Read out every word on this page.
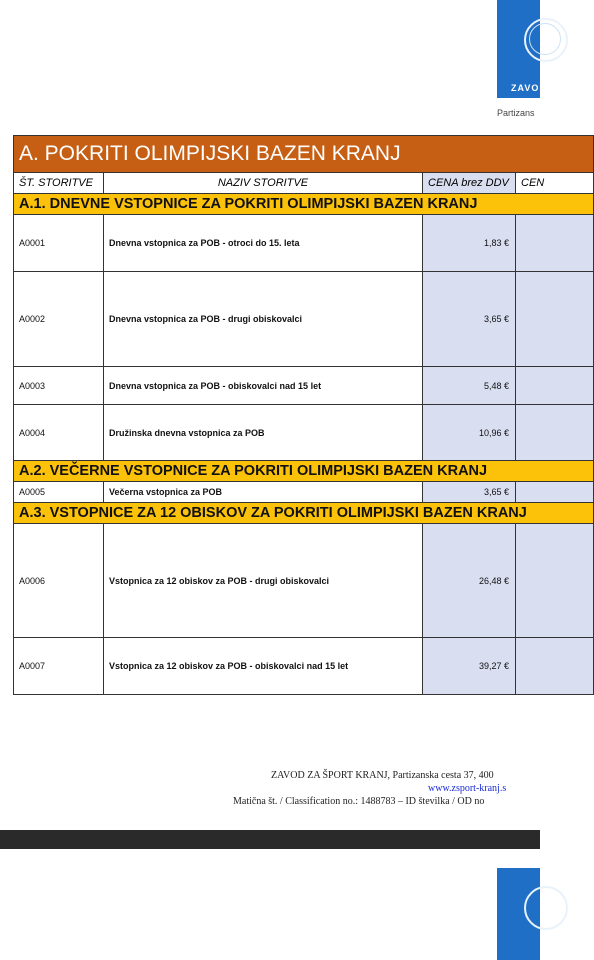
ZAVOD
Partizans
A. POKRITI OLIMPIJSKI BAZEN KRANJ			
ŠT. STORITVE	NAZIV STORITVE	CENA brez DDV	CEN
A.1. DNEVNE VSTOPNICE ZA POKRITI OLIMPIJSKI BAZEN KRANJ			
A0001	Dnevna vstopnica za POB - otroci do 15. leta	1,83 €	
A0002	Dnevna vstopnica za POB - drugi obiskovalci	3,65 €	
A0003	Dnevna vstopnica za POB - obiskovalci nad 15 let	5,48 €	
A0004	Družinska dnevna vstopnica za POB	10,96 €	
A.2. VEČERNE VSTOPNICE ZA POKRITI OLIMPIJSKI BAZEN KRANJ			
A0005	Večerna vstopnica za POB	3,65 €	
A.3. VSTOPNICE ZA 12 OBISKOV ZA POKRITI OLIMPIJSKI BAZEN KRANJ			
A0006	Vstopnica za 12 obiskov za POB - drugi obiskovalci	26,48 €	
A0007	Vstopnica za 12 obiskov za POB - obiskovalci nad 15 let	39,27 €	
ZAVOD ZA ŠPORT KRANJ, Partizanska cesta 37, 400
www.zsport-kranj.s
Matična št. / Classification no.: 1488783 – ID številka / OD no
